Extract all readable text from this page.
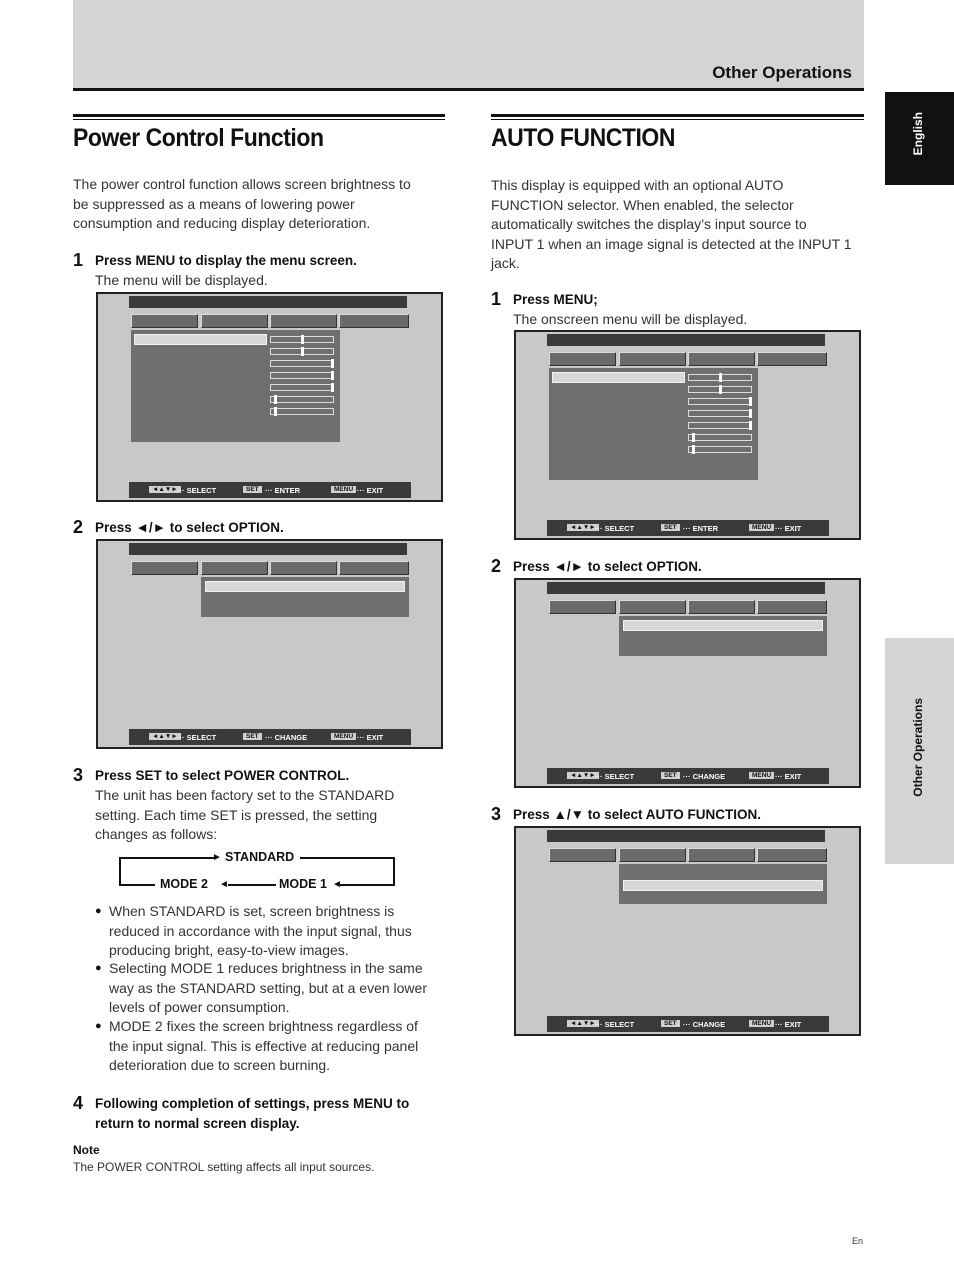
Other Operations
English
Other Operations
Power Control Function
The power control function allows screen brightness to
be suppressed as a means of lowering power
consumption and reducing display deterioration.
1 Press MENU to display the menu screen.
The menu will be displayed.
◄▲▼► ··· SELECT	SET ··· ENTER	MENU ··· EXIT
2 Press ◄/► to select OPTION.
◄▲▼► ··· SELECT	SET ··· CHANGE	MENU ··· EXIT
3 Press SET to select POWER CONTROL.
The unit has been factory set to the STANDARD
setting. Each time SET is pressed, the setting
changes as follows:
► STANDARD
◄
MODE 1
◄
MODE 2
● When STANDARD is set, screen brightness is
reduced in accordance with the input signal, thus
producing bright, easy-to-view images.
● Selecting MODE 1 reduces brightness in the same
way as the STANDARD setting, but at a even lower
levels of power consumption.
● MODE 2 fixes the screen brightness regardless of
the input signal. This is effective at reducing panel
deterioration due to screen burning.
4 Following completion of settings, press MENU to
return to normal screen display.
Note
The POWER CONTROL setting affects all input sources.
AUTO FUNCTION
This display is equipped with an optional AUTO
FUNCTION selector. When enabled, the selector
automatically switches the display’s input source to
INPUT 1 when an image signal is detected at the INPUT 1
jack.
1 Press MENU;
The onscreen menu will be displayed.
◄▲▼► ··· SELECT	SET ··· ENTER	MENU ··· EXIT
2 Press ◄/► to select OPTION.
◄▲▼► ··· SELECT	SET ··· CHANGE	MENU ··· EXIT
3 Press ▲/▼ to select AUTO FUNCTION.
◄▲▼► ··· SELECT	SET ··· CHANGE	MENU ··· EXIT
En
